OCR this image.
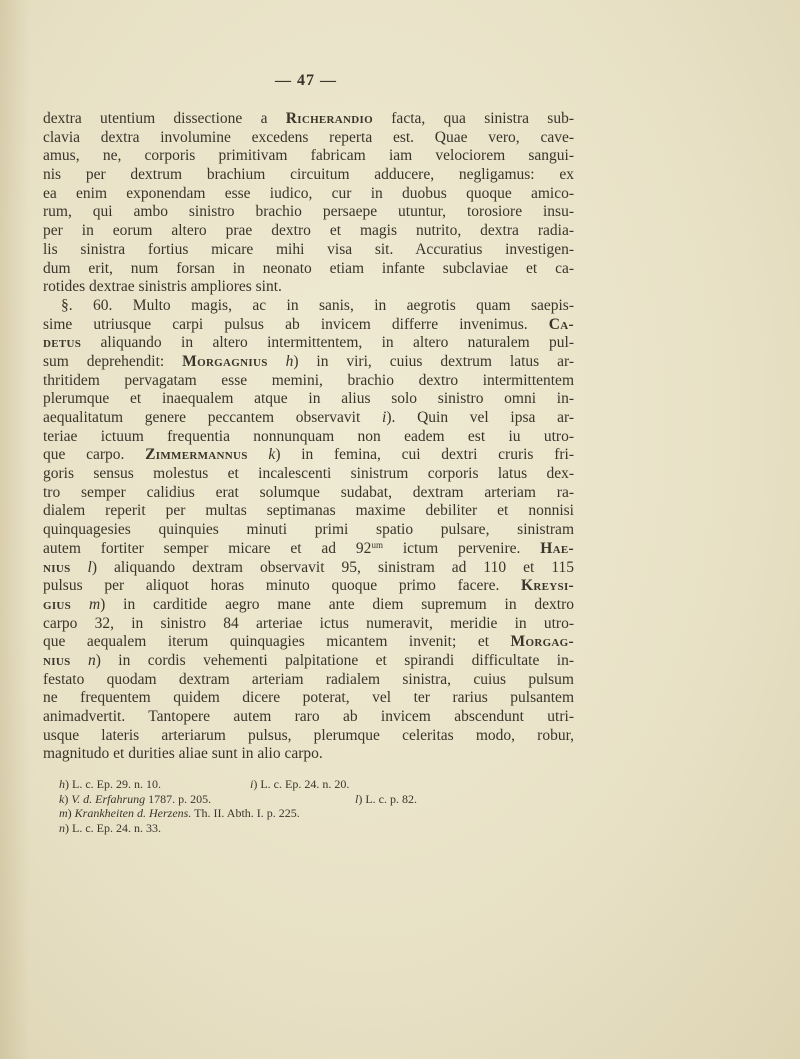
— 47 —
dextra utentium dissectione a Richerandio facta, qua sinistra sub-
clavia dextra involumine excedens reperta est. Quae vero, cave-
amus, ne, corporis primitivam fabricam iam velociorem sangui-
nis per dextrum brachium circuitum adducere, negligamus: ex
ea enim exponendam esse iudico, cur in duobus quoque amico-
rum, qui ambo sinistro brachio persaepe utuntur, torosiore insu-
per in eorum altero prae dextro et magis nutrito, dextra radia-
lis sinistra fortius micare mihi visa sit. Accuratius investigen-
dum erit, num forsan in neonato etiam infante subclaviae et ca-
rotides dextrae sinistris ampliores sint.
§. 60. Multo magis, ac in sanis, in aegrotis quam saepis-
sime utriusque carpi pulsus ab invicem differre invenimus. Ca-
detus aliquando in altero intermittentem, in altero naturalem pul-
sum deprehendit: Morgagnius h) in viri, cuius dextrum latus ar-
thritidem pervagatam esse memini, brachio dextro intermittentem
plerumque et inaequalem atque in alius solo sinistro omni in-
aequalitatum genere peccantem observavit i). Quin vel ipsa ar-
teriae ictuum frequentia nonnunquam non eadem est iu utro-
que carpo. Zimmermannus k) in femina, cui dextri cruris fri-
goris sensus molestus et incalescenti sinistrum corporis latus dex-
tro semper calidius erat solumque sudabat, dextram arteriam ra-
dialem reperit per multas septimanas maxime debiliter et nonnisi
quinquagesies quinquies minuti primi spatio pulsare, sinistram
autem fortiter semper micare et ad $92^{um}$ ictum pervenire. Hae-
nius l) aliquando dextram observavit 95, sinistram ad 110 et 115
pulsus per aliquot horas minuto quoque primo facere. Kreysi-
gius m) in carditide aegro mane ante diem supremum in dextro
carpo 32, in sinistro 84 arteriae ictus numeravit, meridie in utro-
que aequalem iterum quinquagies micantem invenit; et Morgag-
nius n) in cordis vehementi palpitatione et spirandi difficultate in-
festato quodam dextram arteriam radialem sinistra, cuius pulsum
ne frequentem quidem dicere poterat, vel ter rarius pulsantem
animadvertit. Tantopere autem raro ab invicem abscendunt utri-
usque lateris arteriarum pulsus, plerumque celeritas modo, robur,
magnitudo et durities aliae sunt in alio carpo.
h) L. c. Ep. 29. n. 10.	i) L. c. Ep. 24. n. 20.
k) V. d. Erfahrung 1787. p. 205.	l) L. c. p. 82.
m) Krankheiten d. Herzens. Th. II. Abth. I. p. 225.
n) L. c. Ep. 24. n. 33.
